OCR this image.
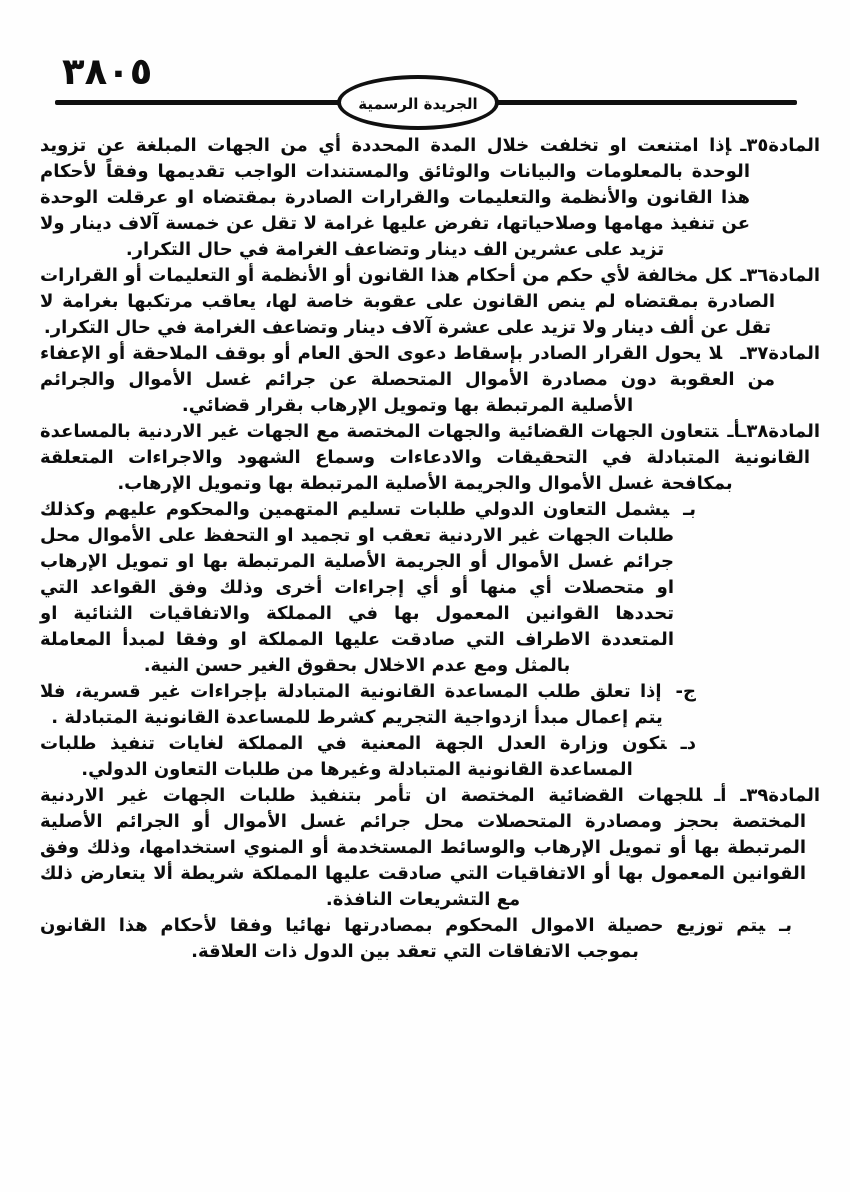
٣٨٠٥
الجريدة الرسمية

المادة٣٥ـإذا امتنعت او تخلفت خلال المدة المحددة أي من الجهات المبلغة عن تزويد الوحدة بالمعلومات والبيانات والوثائق والمستندات الواجب تقديمها وفقاً لأحكام هذا القانون والأنظمة والتعليمات والقرارات الصادرة بمقتضاه او عرقلت الوحدة عن تنفيذ مهامها وصلاحياتها، تفرض عليها غرامة لا تقل عن خمسة آلاف دينار ولا تزيد على عشرين الف دينار وتضاعف الغرامة في حال التكرار.

المادة٣٦ـكل مخالفة لأي حكم من أحكام هذا القانون أو الأنظمة أو التعليمات أو القرارات الصادرة بمقتضاه لم ينص القانون على عقوبة خاصة لها، يعاقب مرتكبها بغرامة لا تقل عن ألف دينار ولا تزيد على عشرة آلاف دينار وتضاعف الغرامة في حال التكرار.

المادة٣٧ـلا يحول القرار الصادر بإسقاط دعوى الحق العام أو بوقف الملاحقة أو الإعفاء من العقوبة دون مصادرة الأموال المتحصلة عن جرائم غسل الأموال والجرائم الأصلية المرتبطة بها وتمويل الإرهاب بقرار قضائي.

المادة٣٨ـأـتتعاون الجهات القضائية والجهات المختصة مع الجهات غير الاردنية بالمساعدة القانونية المتبادلة في التحقيقات والادعاءات وسماع الشهود والاجراءات المتعلقة بمكافحة غسل الأموال والجريمة الأصلية المرتبطة بها وتمويل الإرهاب.

بـيشمل التعاون الدولي طلبات تسليم المتهمين والمحكوم عليهم وكذلك طلبات الجهات غير الاردنية تعقب او تجميد او التحفظ على الأموال محل جرائم غسل الأموال أو الجريمة الأصلية المرتبطة بها او تمويل الإرهاب او متحصلات أي منها أو أي إجراءات أخرى وذلك وفق القواعد التي تحددها القوانين المعمول بها في المملكة والاتفاقيات الثنائية او المتعددة الاطراف التي صادقت عليها المملكة او وفقا لمبدأ المعاملة بالمثل ومع عدم الاخلال بحقوق الغير حسن النية.

ج-إذا تعلق طلب المساعدة القانونية المتبادلة بإجراءات غير قسرية، فلا يتم إعمال مبدأ ازدواجية التجريم كشرط للمساعدة القانونية المتبادلة .

دـتكون وزارة العدل الجهة المعنية في المملكة لغايات تنفيذ طلبات المساعدة القانونية المتبادلة وغيرها من طلبات التعاون الدولي.

المادة٣٩ـ أـللجهات القضائية المختصة ان تأمر بتنفيذ طلبات الجهات غير الاردنية المختصة بحجز ومصادرة المتحصلات محل جرائم غسل الأموال أو الجرائم الأصلية المرتبطة بها أو تمويل الإرهاب والوسائط المستخدمة أو المنوي استخدامها، وذلك وفق القوانين المعمول بها أو الاتفاقيات التي صادقت عليها المملكة شريطة ألا يتعارض ذلك مع التشريعات النافذة.

بـيتم توزيع حصيلة الاموال المحكوم بمصادرتها نهائيا وفقا لأحكام هذا القانون بموجب الاتفاقات التي تعقد بين الدول ذات العلاقة.
